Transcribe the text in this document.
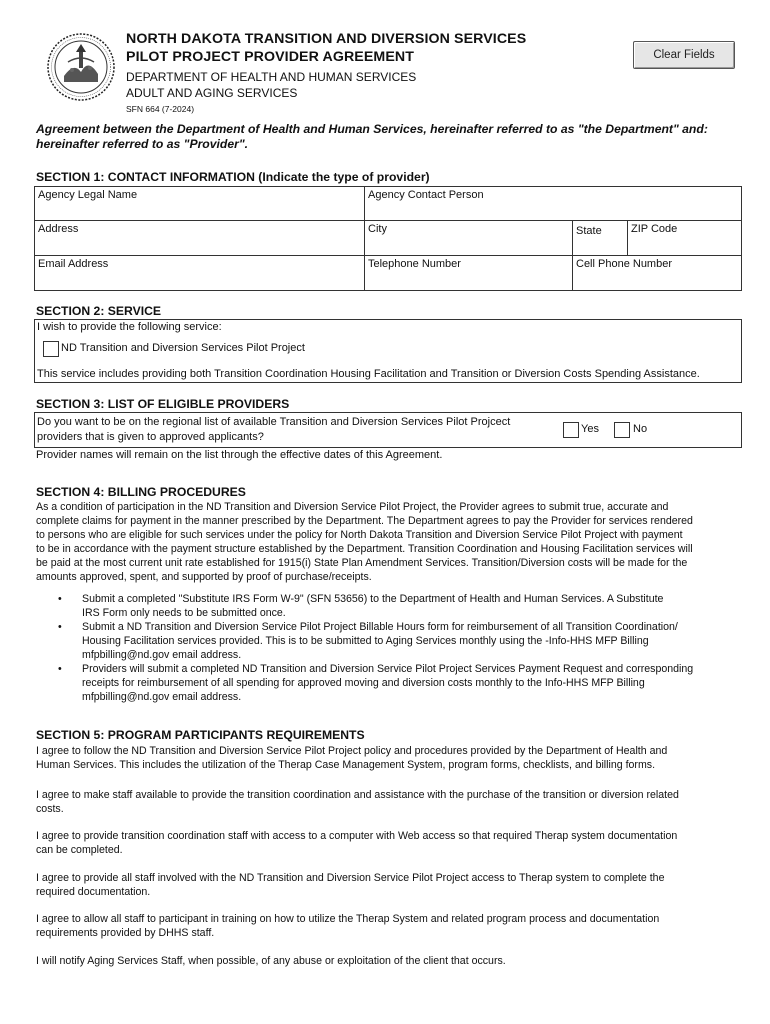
NORTH DAKOTA TRANSITION AND DIVERSION SERVICES
PILOT PROJECT PROVIDER AGREEMENT
DEPARTMENT OF HEALTH AND HUMAN SERVICES
ADULT AND AGING SERVICES
SFN 664 (7-2024)
Clear Fields
Agreement between the Department of Health and Human Services, hereinafter referred to as "the Department" and: hereinafter referred to as "Provider".
SECTION 1: CONTACT INFORMATION (Indicate the type of provider)
Agency Legal Name	Agency Contact Person
Address	City	State	ZIP Code
Email Address	Telephone Number	Cell Phone Number
SECTION 2: SERVICE
I wish to provide the following service:
ND Transition and Diversion Services Pilot Project
This service includes providing both Transition Coordination Housing Facilitation and Transition or Diversion Costs Spending Assistance.
SECTION 3: LIST OF ELIGIBLE PROVIDERS
Do you want to be on the regional list of available Transition and Diversion Services Pilot Projcect
providers that is given to approved applicants?
Yes	No
Provider names will remain on the list through the effective dates of this Agreement.
SECTION 4: BILLING PROCEDURES
As a condition of participation in the ND Transition and Diversion Service Pilot Project, the Provider agrees to submit true, accurate and
complete claims for payment in the manner prescribed by the Department. The Department agrees to pay the Provider for services rendered
to persons who are eligible for such services under the policy for North Dakota Transition and Diversion Service Pilot Project with payment
to be in accordance with the payment structure established by the Department. Transition Coordination and Housing Facilitation services will
be paid at the most current unit rate established for 1915(i) State Plan Amendment Services. Transition/Diversion costs will be made for the
amounts approved, spent, and supported by proof of purchase/receipts.
• Submit a completed "Substitute IRS Form W-9" (SFN 53656) to the Department of Health and Human Services. A Substitute
IRS Form only needs to be submitted once.
• Submit a ND Transition and Diversion Service Pilot Project Billable Hours form for reimbursement of all Transition Coordination/
Housing Facilitation services provided. This is to be submitted to Aging Services monthly using the -Info-HHS MFP Billing
mfpbilling@nd.gov email address.
• Providers will submit a completed ND Transition and Diversion Service Pilot Project Services Payment Request and corresponding
receipts for reimbursement of all spending for approved moving and diversion costs monthly to the Info-HHS MFP Billing
mfpbilling@nd.gov email address.
SECTION 5: PROGRAM PARTICIPANTS REQUIREMENTS
I agree to follow the ND Transition and Diversion Service Pilot Project policy and procedures provided by the Department of Health and
Human Services. This includes the utilization of the Therap Case Management System, program forms, checklists, and billing forms.
I agree to make staff available to provide the transition coordination and assistance with the purchase of the transition or diversion related
costs.
I agree to provide transition coordination staff with access to a computer with Web access so that required Therap system documentation
can be completed.
I agree to provide all staff involved with the ND Transition and Diversion Service Pilot Project access to Therap system to complete the
required documentation.
I agree to allow all staff to participant in training on how to utilize the Therap System and related program process and documentation
requirements provided by DHHS staff.
I will notify Aging Services Staff, when possible, of any abuse or exploitation of the client that occurs.
